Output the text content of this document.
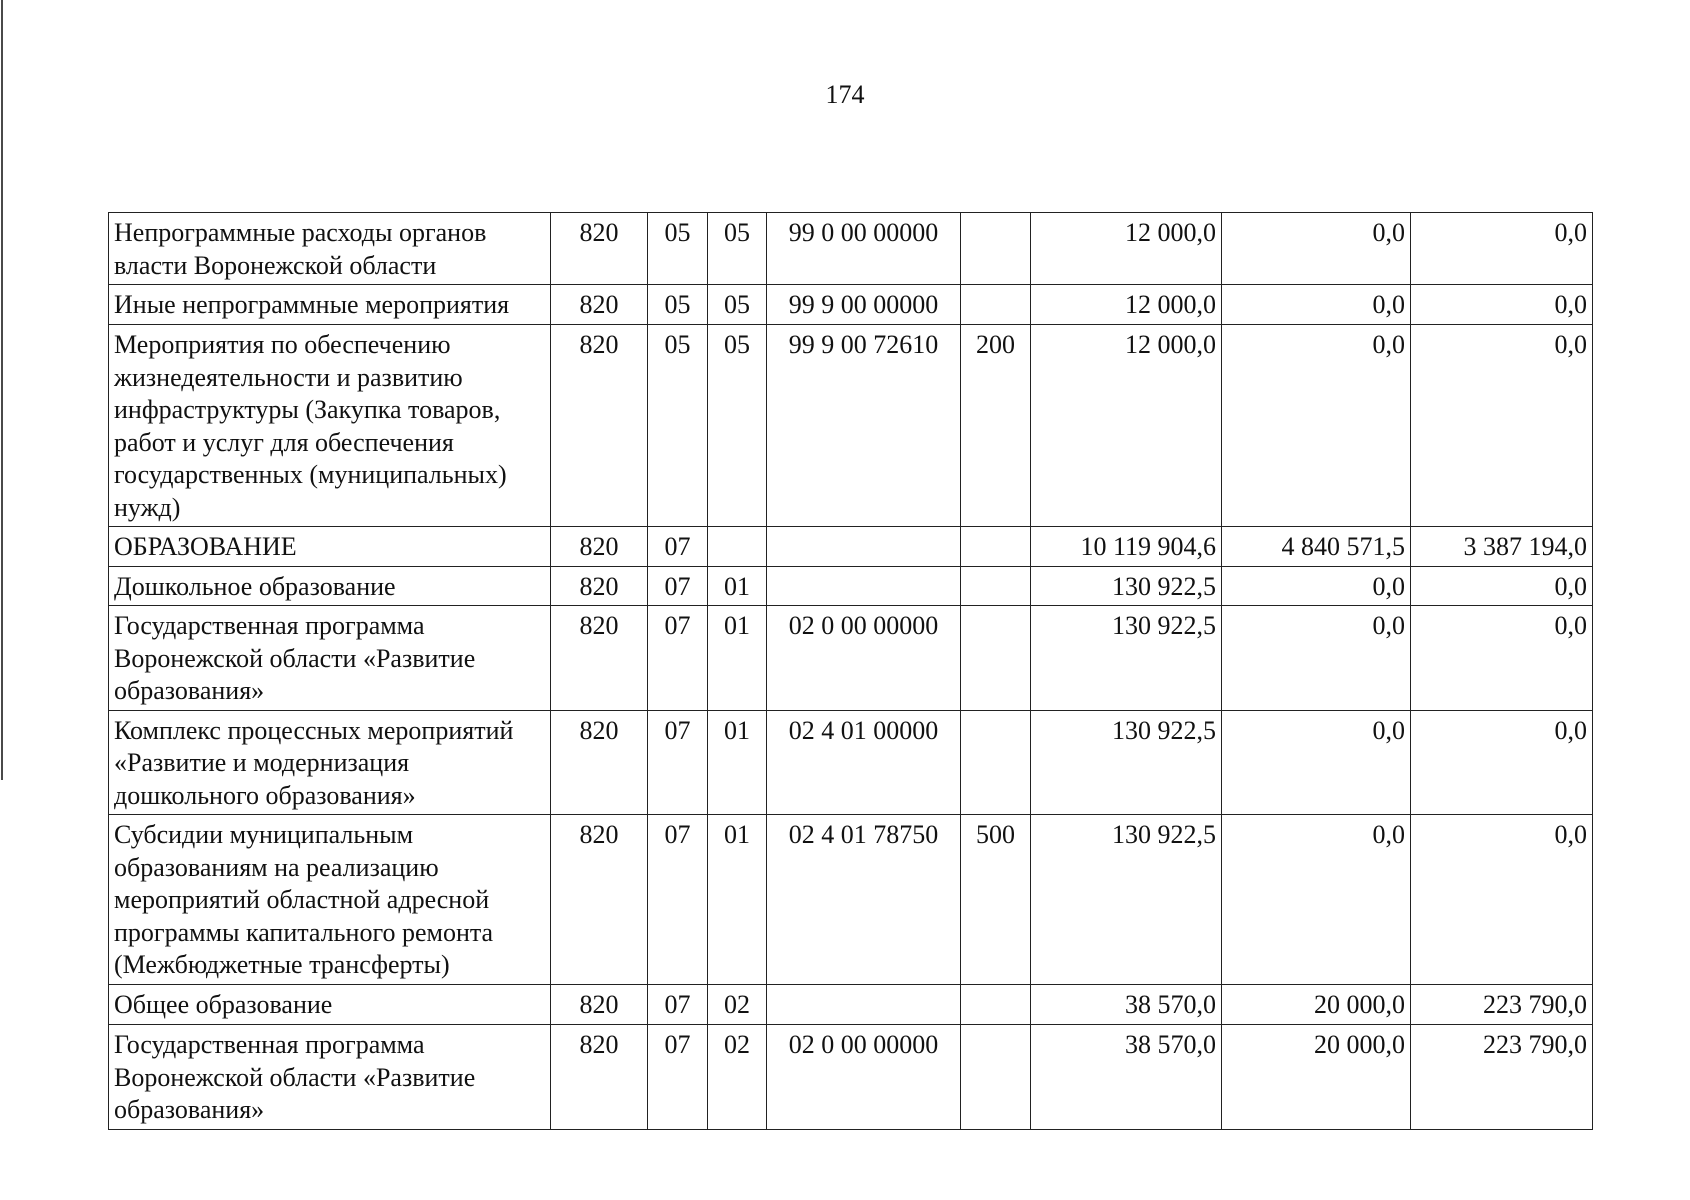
174
Непрограммные расходы органов власти Воронежской области	820	05	05	99 0 00 00000		12 000,0	0,0	0,0
Иные непрограммные мероприятия	820	05	05	99 9 00 00000		12 000,0	0,0	0,0
Мероприятия по обеспечению жизнедеятельности и развитию инфраструктуры (Закупка товаров, работ и услуг для обеспечения государственных (муниципальных) нужд)	820	05	05	99 9 00 72610	200	12 000,0	0,0	0,0
ОБРАЗОВАНИЕ	820	07				10 119 904,6	4 840 571,5	3 387 194,0
Дошкольное образование	820	07	01			130 922,5	0,0	0,0
Государственная программа Воронежской области «Развитие образования»	820	07	01	02 0 00 00000		130 922,5	0,0	0,0
Комплекс процессных мероприятий «Развитие и модернизация дошкольного образования»	820	07	01	02 4 01 00000		130 922,5	0,0	0,0
Субсидии муниципальным образованиям на реализацию мероприятий областной адресной программы капитального ремонта (Межбюджетные трансферты)	820	07	01	02 4 01 78750	500	130 922,5	0,0	0,0
Общее образование	820	07	02			38 570,0	20 000,0	223 790,0
Государственная программа Воронежской области «Развитие образования»	820	07	02	02 0 00 00000		38 570,0	20 000,0	223 790,0
